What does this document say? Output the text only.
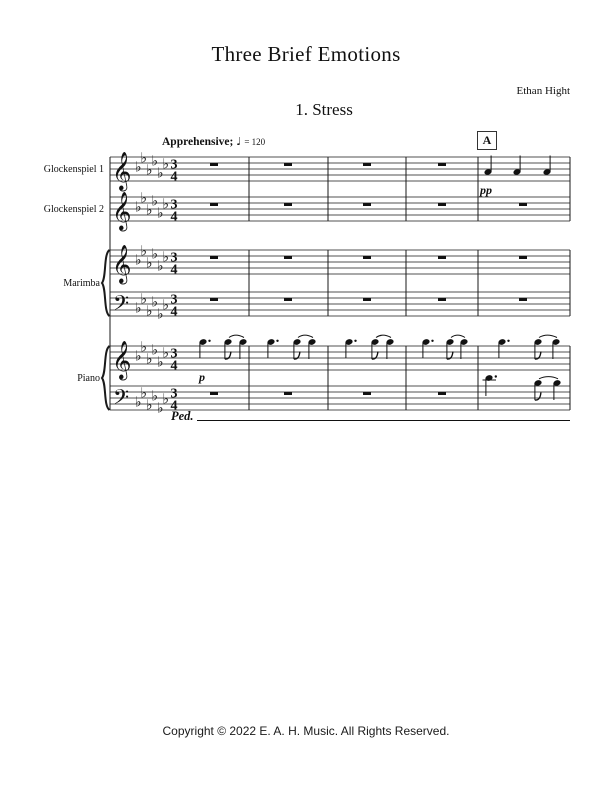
Three Brief Emotions
Ethan Hight
1. Stress
Apprehensive; ♩ = 120	A
Glockenspiel 1
Glockenspiel 2
Marimba
Piano
𝄞
𝄞
𝄞
𝄢
𝄞
𝄢
♭
♭
♭
♭
♭
♭
♭
♭
♭
♭
♭
♭
♭
♭
♭
♭
♭
♭
♭
♭
♭
♭
♭
♭
♭
♭
♭
♭
♭
♭
♭
♭
♭
♭
♭
♭
3
4
3
4
3
4
3
4
3
4
3
4
pp
p
Ped.
Copyright © 2022 E. A. H. Music. All Rights Reserved.
